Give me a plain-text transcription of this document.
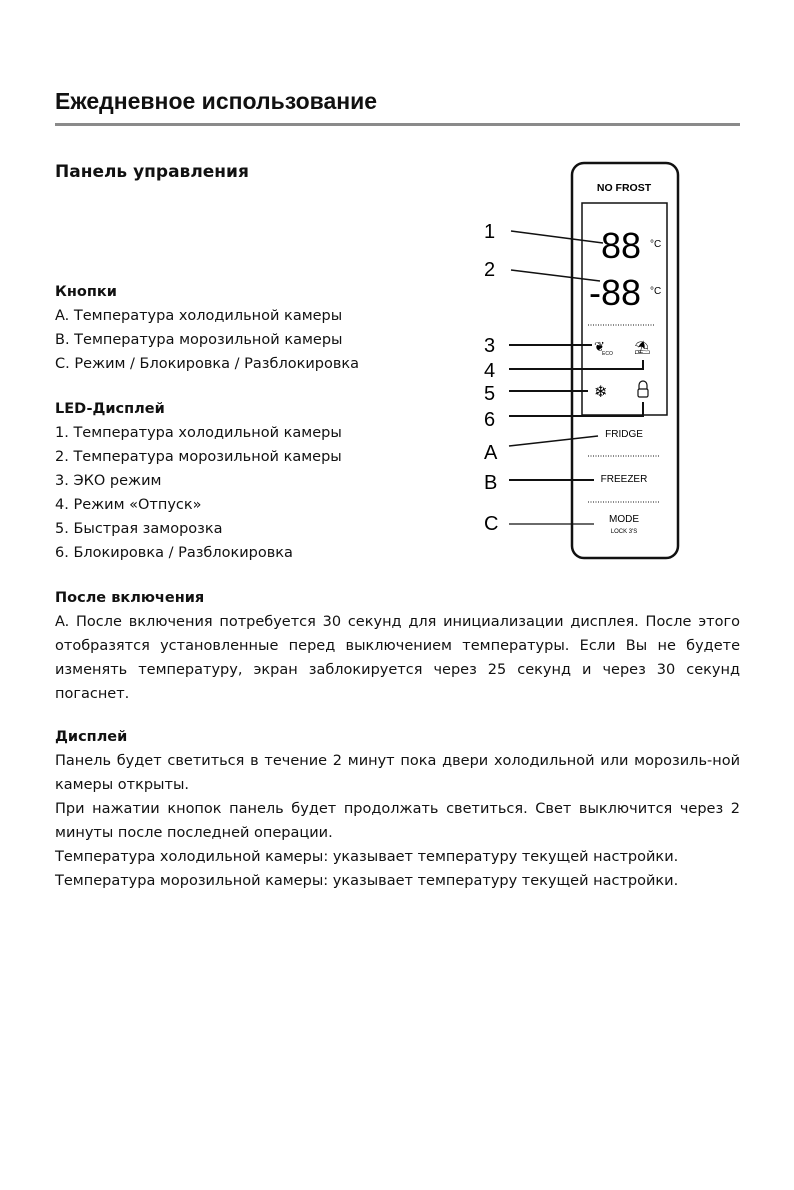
Ежедневное использование
Панель управления
Кнопки
A. Температура холодильной камеры
B. Температура морозильной камеры
C. Режим / Блокировка / Разблокировка
LED-Дисплей
1. Температура холодильной камеры
2. Температура морозильной камеры
3. ЭКО режим
4. Режим «Отпуск»
5. Быстрая заморозка
6. Блокировка / Разблокировка
После включения
A. После включения потребуется 30 секунд для инициализации дисплея. После этого отобразятся установленные перед выключением температуры. Если Вы не будете изменять температуру, экран заблокируется через 25 секунд и через 30 секунд погаснет.
Дисплей
Панель будет светиться в течение 2 минут пока двери холодильной или морозиль-ной камеры открыты.
При нажатии кнопок панель будет продолжать светиться. Свет выключится через 2 минуты после последней операции.
Температура холодильной камеры: указывает температуру текущей настройки.
Температура морозильной камеры: указывает температуру текущей настройки.
NO FROST
88 °C
-88 °C
❦
ECO ⛱
❄
FRIDGE
FREEZER
MODE
LOCK 3'S
1
2
3
4
5
6
A
B
C
